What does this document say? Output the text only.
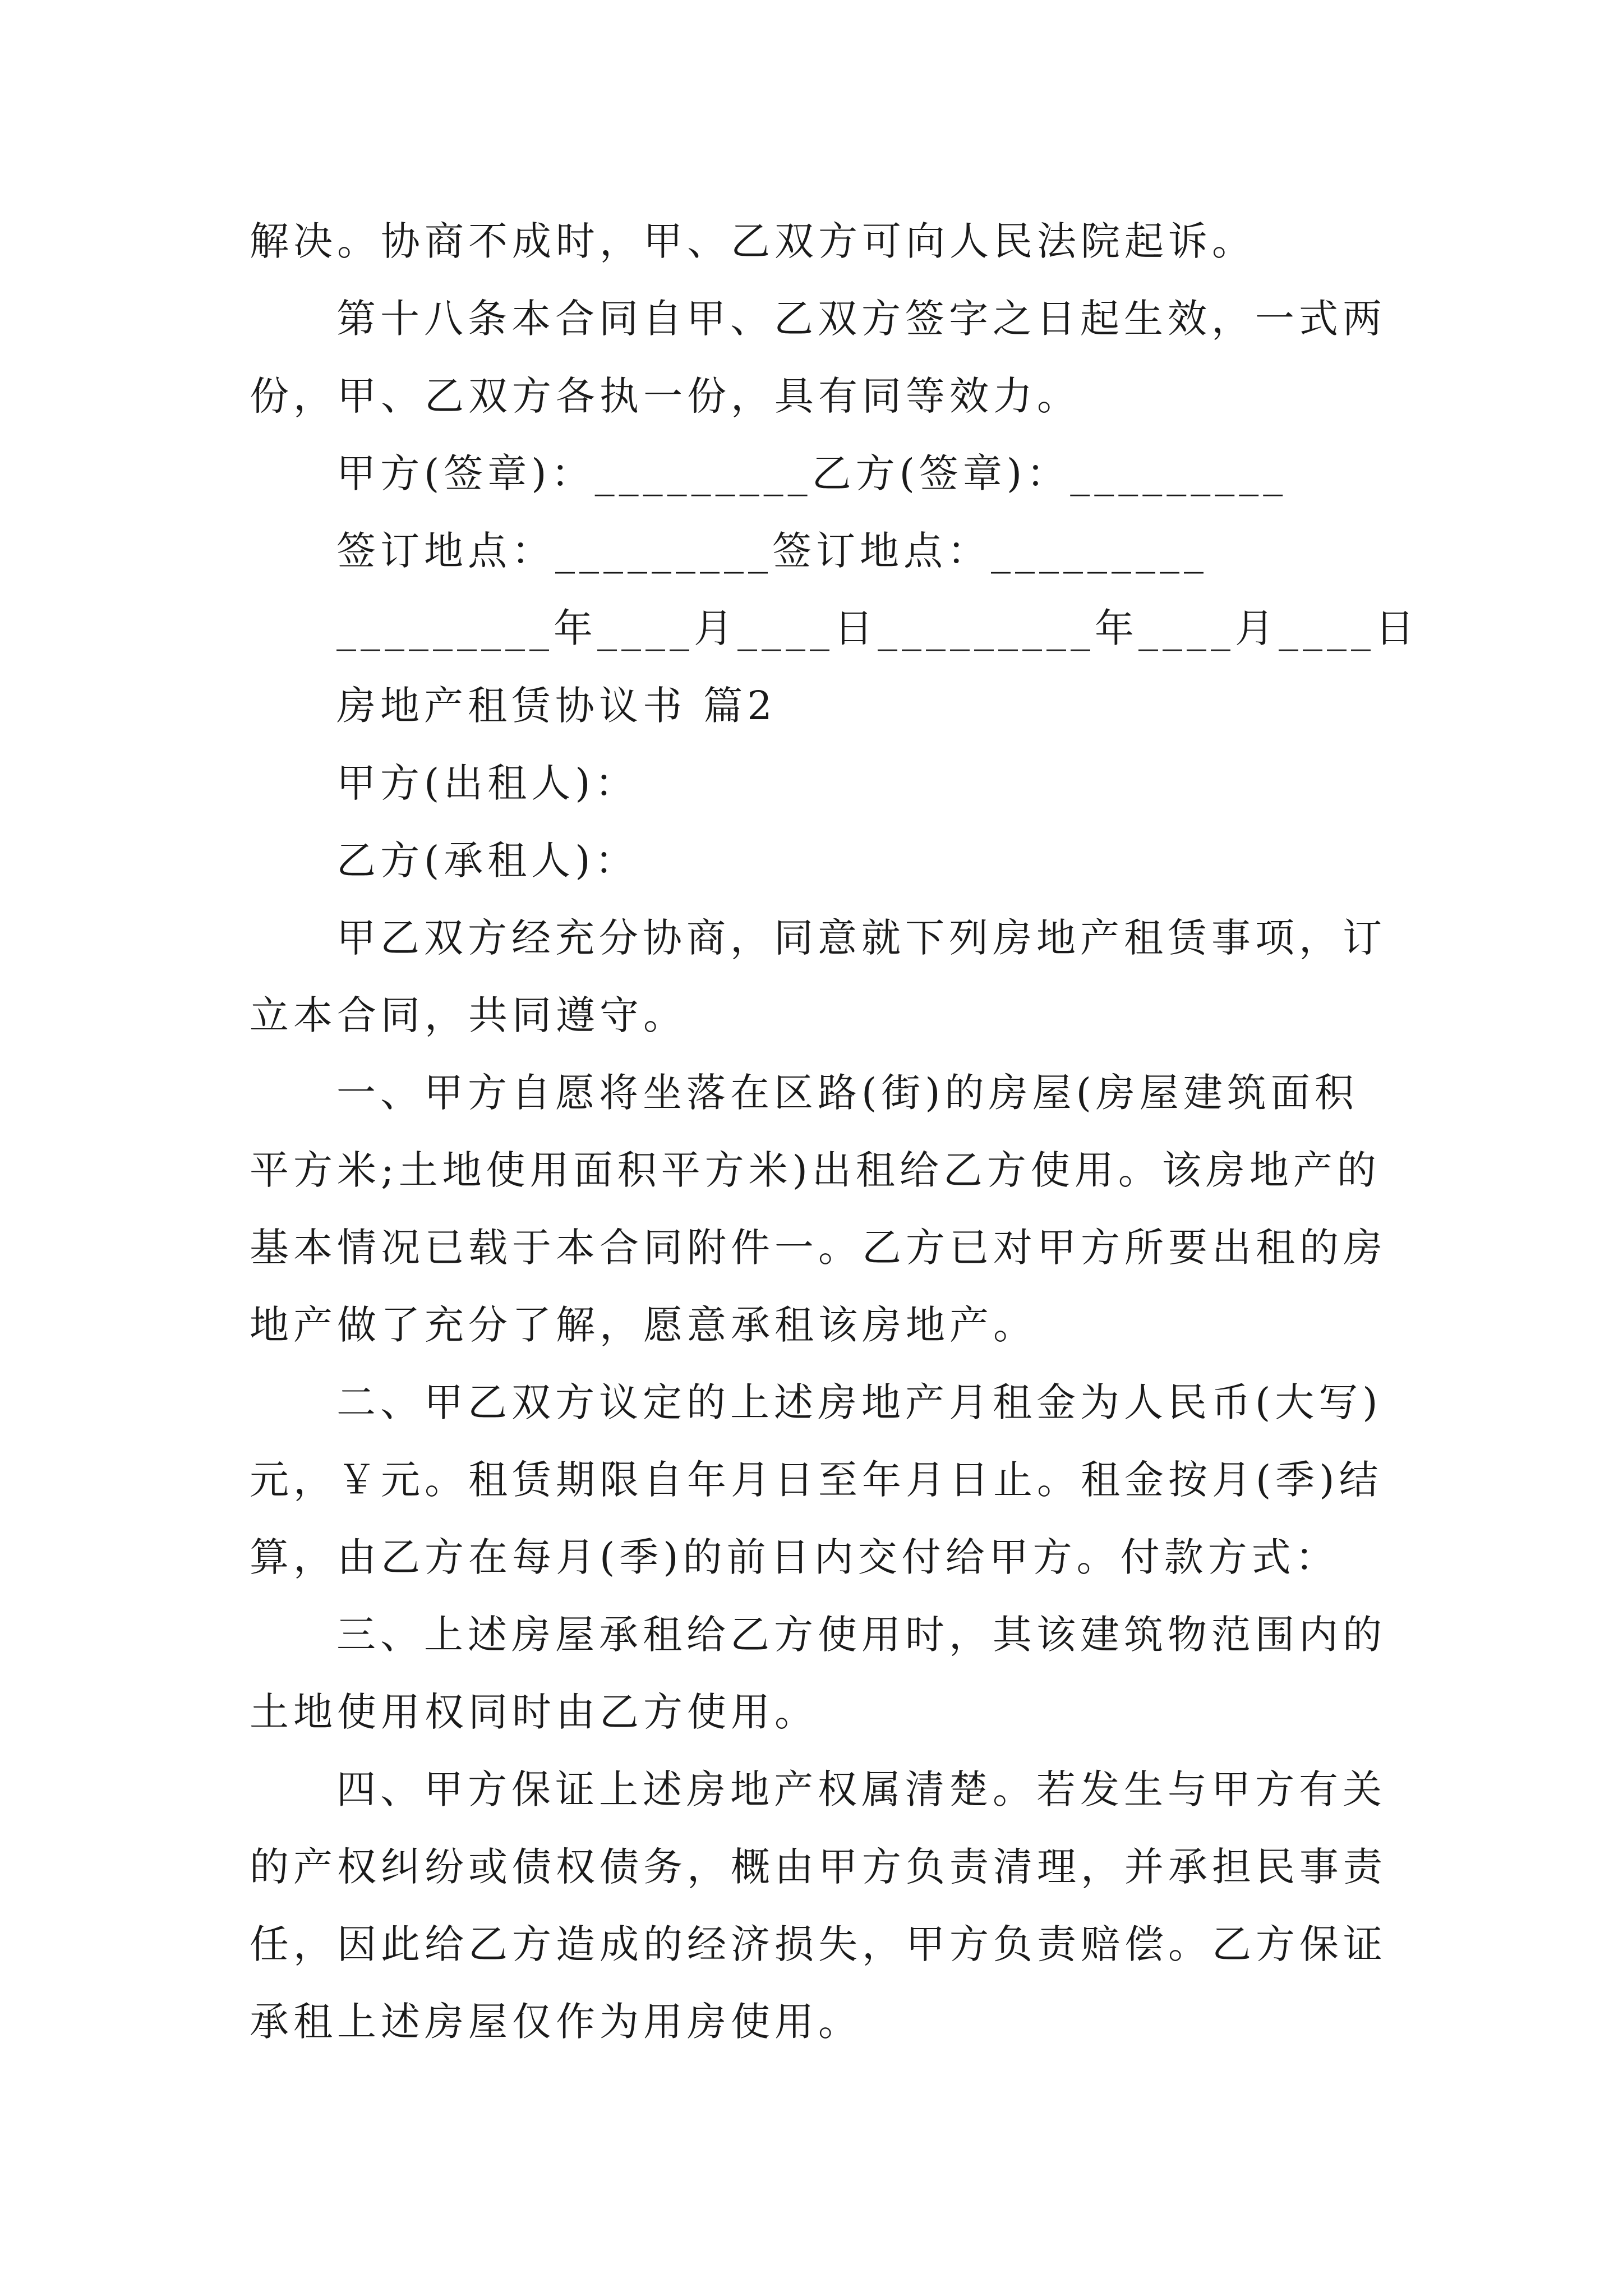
解决。协商不成时，甲、乙双方可向人民法院起诉。
第十八条本合同自甲、乙双方签字之日起生效，一式两
份，甲、乙双方各执一份，具有同等效力。
甲方(签章)：_________乙方(签章)：_________
签订地点：_________签订地点：_________
_________年____月____日_________年____月____日
房地产租赁协议书 篇2
甲方(出租人)：
乙方(承租人)：
甲乙双方经充分协商，同意就下列房地产租赁事项，订
立本合同，共同遵守。
一、甲方自愿将坐落在区路(街)的房屋(房屋建筑面积
平方米;土地使用面积平方米)出租给乙方使用。该房地产的
基本情况已载于本合同附件一。乙方已对甲方所要出租的房
地产做了充分了解，愿意承租该房地产。
二、甲乙双方议定的上述房地产月租金为人民币(大写)
元，￥元。租赁期限自年月日至年月日止。租金按月(季)结
算，由乙方在每月(季)的前日内交付给甲方。付款方式：
三、上述房屋承租给乙方使用时，其该建筑物范围内的
土地使用权同时由乙方使用。
四、甲方保证上述房地产权属清楚。若发生与甲方有关
的产权纠纷或债权债务，概由甲方负责清理，并承担民事责
任，因此给乙方造成的经济损失，甲方负责赔偿。乙方保证
承租上述房屋仅作为用房使用。
